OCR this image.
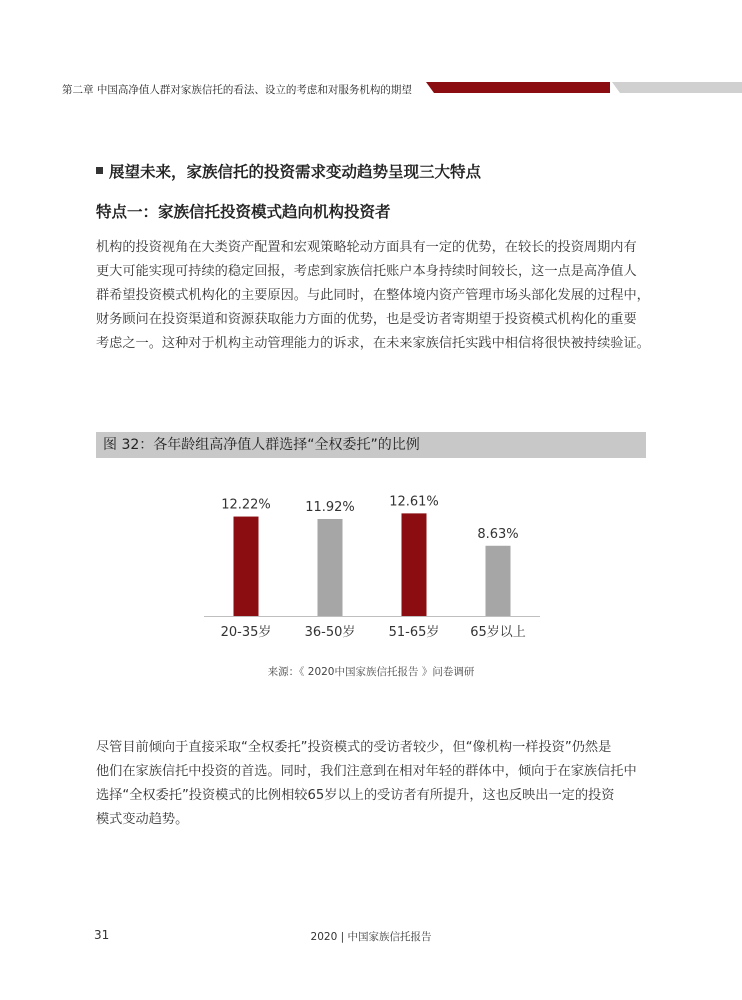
第二章 中国高净值人群对家族信托的看法、设立的考虑和对服务机构的期望
展望未来，家族信托的投资需求变动趋势呈现三大特点
特点一：家族信托投资模式趋向机构投资者
机构的投资视角在大类资产配置和宏观策略轮动方面具有一定的优势，在较长的投资周期内有
更大可能实现可持续的稳定回报，考虑到家族信托账户本身持续时间较长，这一点是高净值人
群希望投资模式机构化的主要原因。与此同时，在整体境内资产管理市场头部化发展的过程中，
财务顾问在投资渠道和资源获取能力方面的优势，也是受访者寄期望于投资模式机构化的重要
考虑之一。这种对于机构主动管理能力的诉求，在未来家族信托实践中相信将很快被持续验证。
图 32：各年龄组高净值人群选择“全权委托”的比例
12.22%
20-35岁
11.92%
36-50岁
12.61%
51-65岁
8.63%
65岁以上
来源：《 2020中国家族信托报告 》问卷调研
尽管目前倾向于直接采取“全权委托”投资模式的受访者较少，但“像机构一样投资”仍然是
他们在家族信托中投资的首选。同时，我们注意到在相对年轻的群体中，倾向于在家族信托中
选择“全权委托”投资模式的比例相较65岁以上的受访者有所提升，这也反映出一定的投资
模式变动趋势。
31	2020 | 中国家族信托报告
